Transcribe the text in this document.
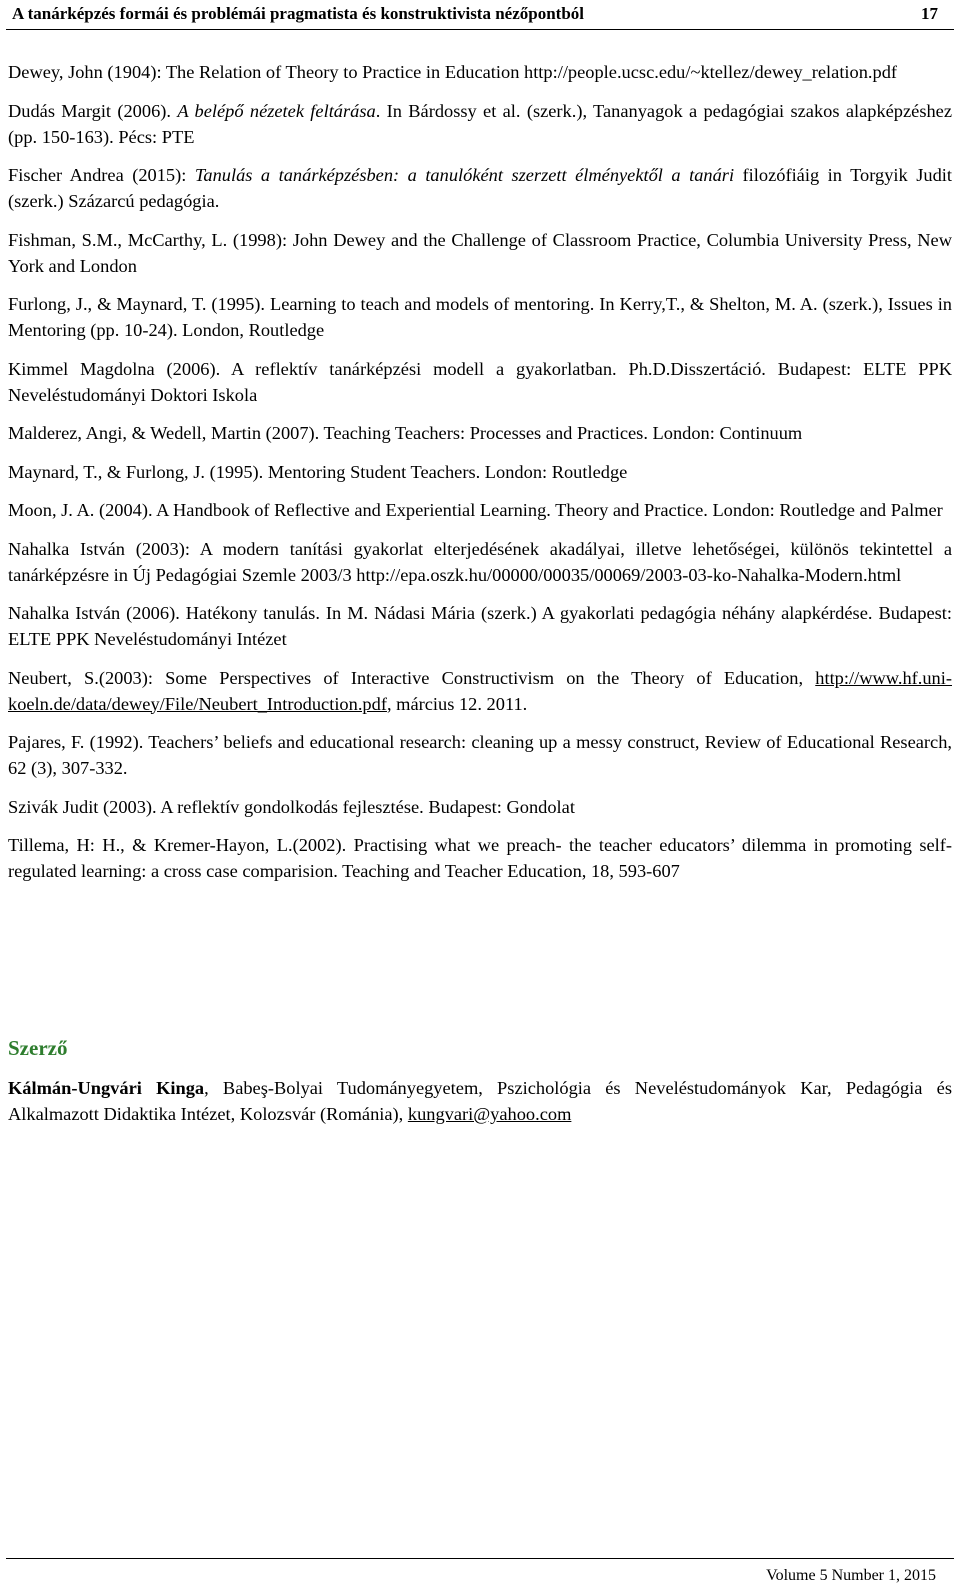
A tanárképzés formái és problémái pragmatista és konstruktivista nézőpontból	17

Dewey, John (1904): The Relation of Theory to Practice in Education http://people.ucsc.edu/~ktellez/dewey_relation.pdf

Dudás Margit (2006). A belépő nézetek feltárása. In Bárdossy et al. (szerk.), Tananyagok a pedagógiai szakos alapképzéshez (pp. 150-163). Pécs: PTE

Fischer Andrea (2015): Tanulás a tanárképzésben: a tanulóként szerzett élményektől a tanári filozófiáig in Torgyik Judit (szerk.) Százarcú pedagógia.

Fishman, S.M., McCarthy, L. (1998): John Dewey and the Challenge of Classroom Practice, Columbia University Press, New York and London

Furlong, J., & Maynard, T. (1995). Learning to teach and models of mentoring. In Kerry,T., & Shelton, M. A. (szerk.), Issues in Mentoring (pp. 10-24). London, Routledge

Kimmel Magdolna (2006). A reflektív tanárképzési modell a gyakorlatban. Ph.D.Disszertáció. Budapest: ELTE PPK Neveléstudományi Doktori Iskola

Malderez, Angi, & Wedell, Martin (2007). Teaching Teachers: Processes and Practices. London: Continuum

Maynard, T., & Furlong, J. (1995). Mentoring Student Teachers. London: Routledge

Moon, J. A. (2004). A Handbook of Reflective and Experiential Learning. Theory and Practice. London: Routledge and Palmer

Nahalka István (2003): A modern tanítási gyakorlat elterjedésének akadályai, illetve lehetőségei, különös tekintettel a tanárképzésre in Új Pedagógiai Szemle 2003/3 http://epa.oszk.hu/00000/00035/00069/2003-03-ko-Nahalka-Modern.html

Nahalka István (2006). Hatékony tanulás. In M. Nádasi Mária (szerk.) A gyakorlati pedagógia néhány alapkérdése. Budapest: ELTE PPK Neveléstudományi Intézet

Neubert, S.(2003): Some Perspectives of Interactive Constructivism on the Theory of Education, http://www.hf.uni-koeln.de/data/dewey/File/Neubert_Introduction.pdf, március 12. 2011.

Pajares, F. (1992). Teachers’ beliefs and educational research: cleaning up a messy construct, Review of Educational Research, 62 (3), 307-332.

Szivák Judit (2003). A reflektív gondolkodás fejlesztése. Budapest: Gondolat

Tillema, H: H., & Kremer-Hayon, L.(2002). Practising what we preach- the teacher educators’ dilemma in promoting self-regulated learning: a cross case comparision. Teaching and Teacher Education, 18, 593-607

Szerző
Kálmán-Ungvári Kinga, Babeş-Bolyai Tudományegyetem, Pszichológia és Neveléstudományok Kar, Pedagógia és Alkalmazott Didaktika Intézet, Kolozsvár (Románia), kungvari@yahoo.com
Volume 5 Number 1, 2015
